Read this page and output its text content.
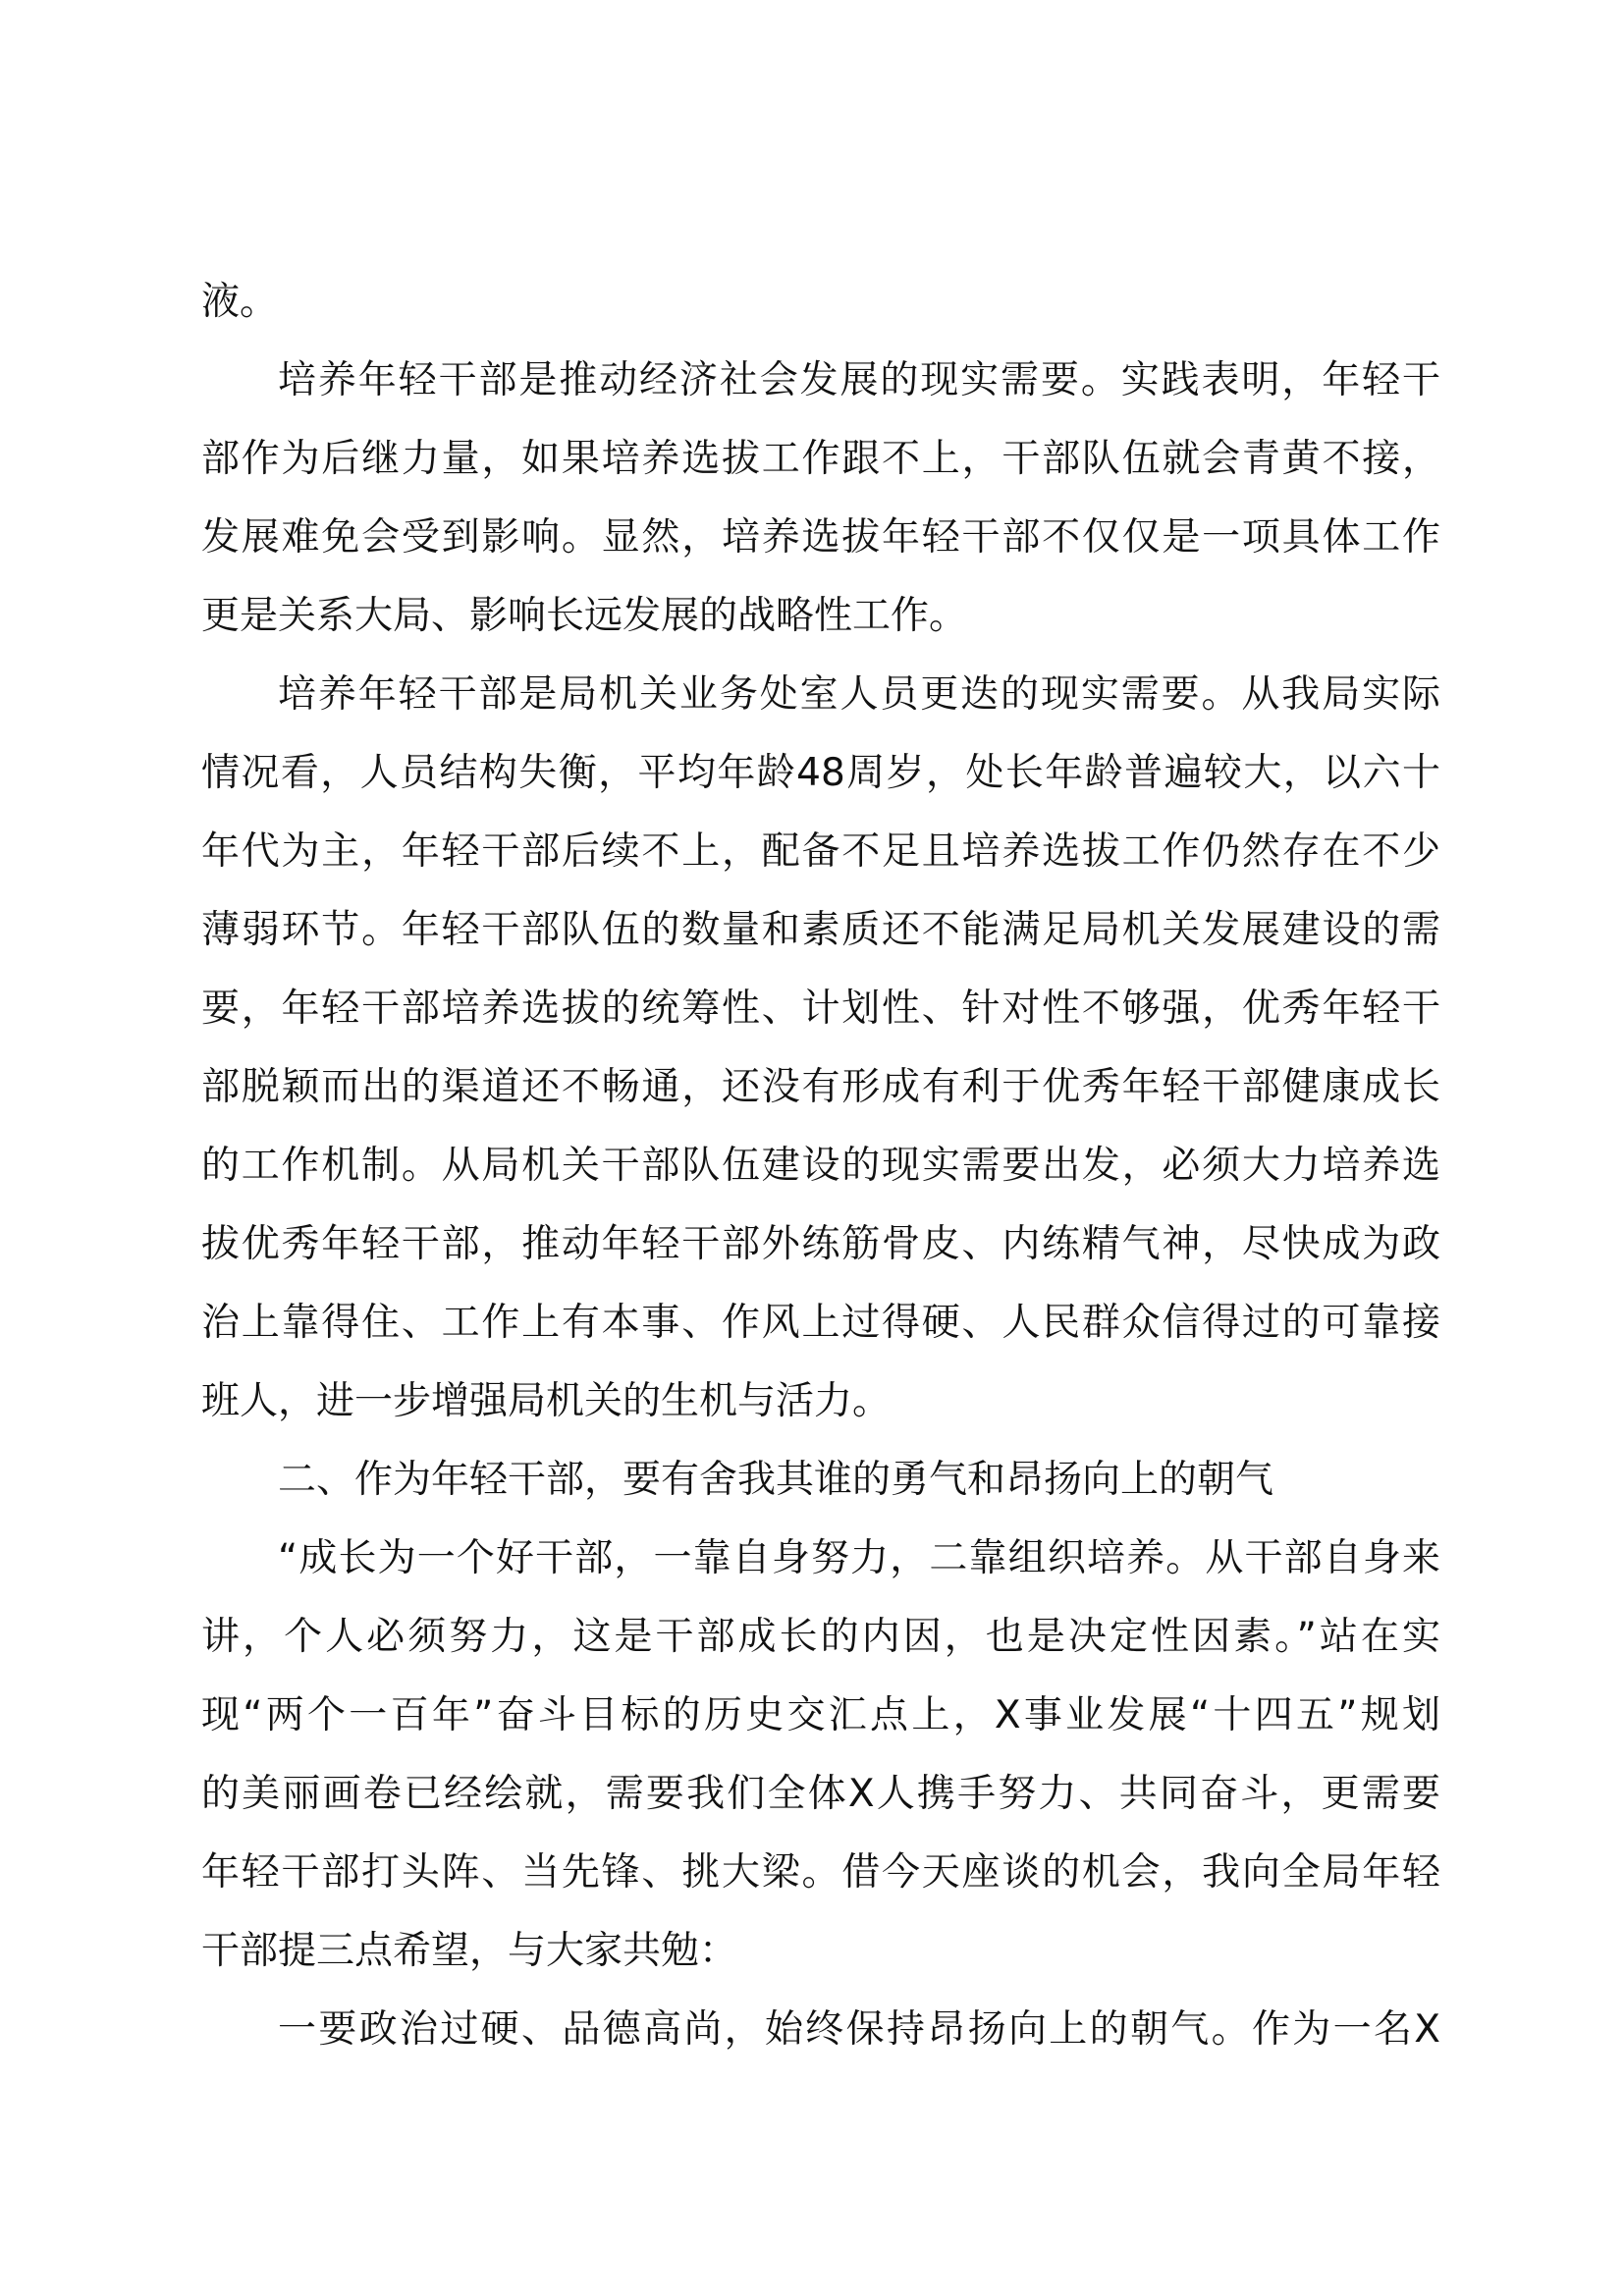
液。
培养年轻干部是推动经济社会发展的现实需要。实践表明，年轻干
部作为后继力量，如果培养选拔工作跟不上，干部队伍就会青黄不接，
发展难免会受到影响。显然，培养选拔年轻干部不仅仅是一项具体工作
更是关系大局、影响长远发展的战略性工作。
培养年轻干部是局机关业务处室人员更迭的现实需要。从我局实际
情况看，人员结构失衡，平均年龄48周岁，处长年龄普遍较大，以六十
年代为主，年轻干部后续不上，配备不足且培养选拔工作仍然存在不少
薄弱环节。年轻干部队伍的数量和素质还不能满足局机关发展建设的需
要，年轻干部培养选拔的统筹性、计划性、针对性不够强，优秀年轻干
部脱颖而出的渠道还不畅通，还没有形成有利于优秀年轻干部健康成长
的工作机制。从局机关干部队伍建设的现实需要出发，必须大力培养选
拔优秀年轻干部，推动年轻干部外练筋骨皮、内练精气神，尽快成为政
治上靠得住、工作上有本事、作风上过得硬、人民群众信得过的可靠接
班人，进一步增强局机关的生机与活力。
二、作为年轻干部，要有舍我其谁的勇气和昂扬向上的朝气
“成长为一个好干部，一靠自身努力，二靠组织培养。从干部自身来
讲，个人必须努力，这是干部成长的内因，也是决定性因素。”站在实
现“两个一百年”奋斗目标的历史交汇点上，X事业发展“十四五”规划
的美丽画卷已经绘就，需要我们全体X人携手努力、共同奋斗，更需要
年轻干部打头阵、当先锋、挑大梁。借今天座谈的机会，我向全局年轻
干部提三点希望，与大家共勉：
一要政治过硬、品德高尚，始终保持昂扬向上的朝气。作为一名X
